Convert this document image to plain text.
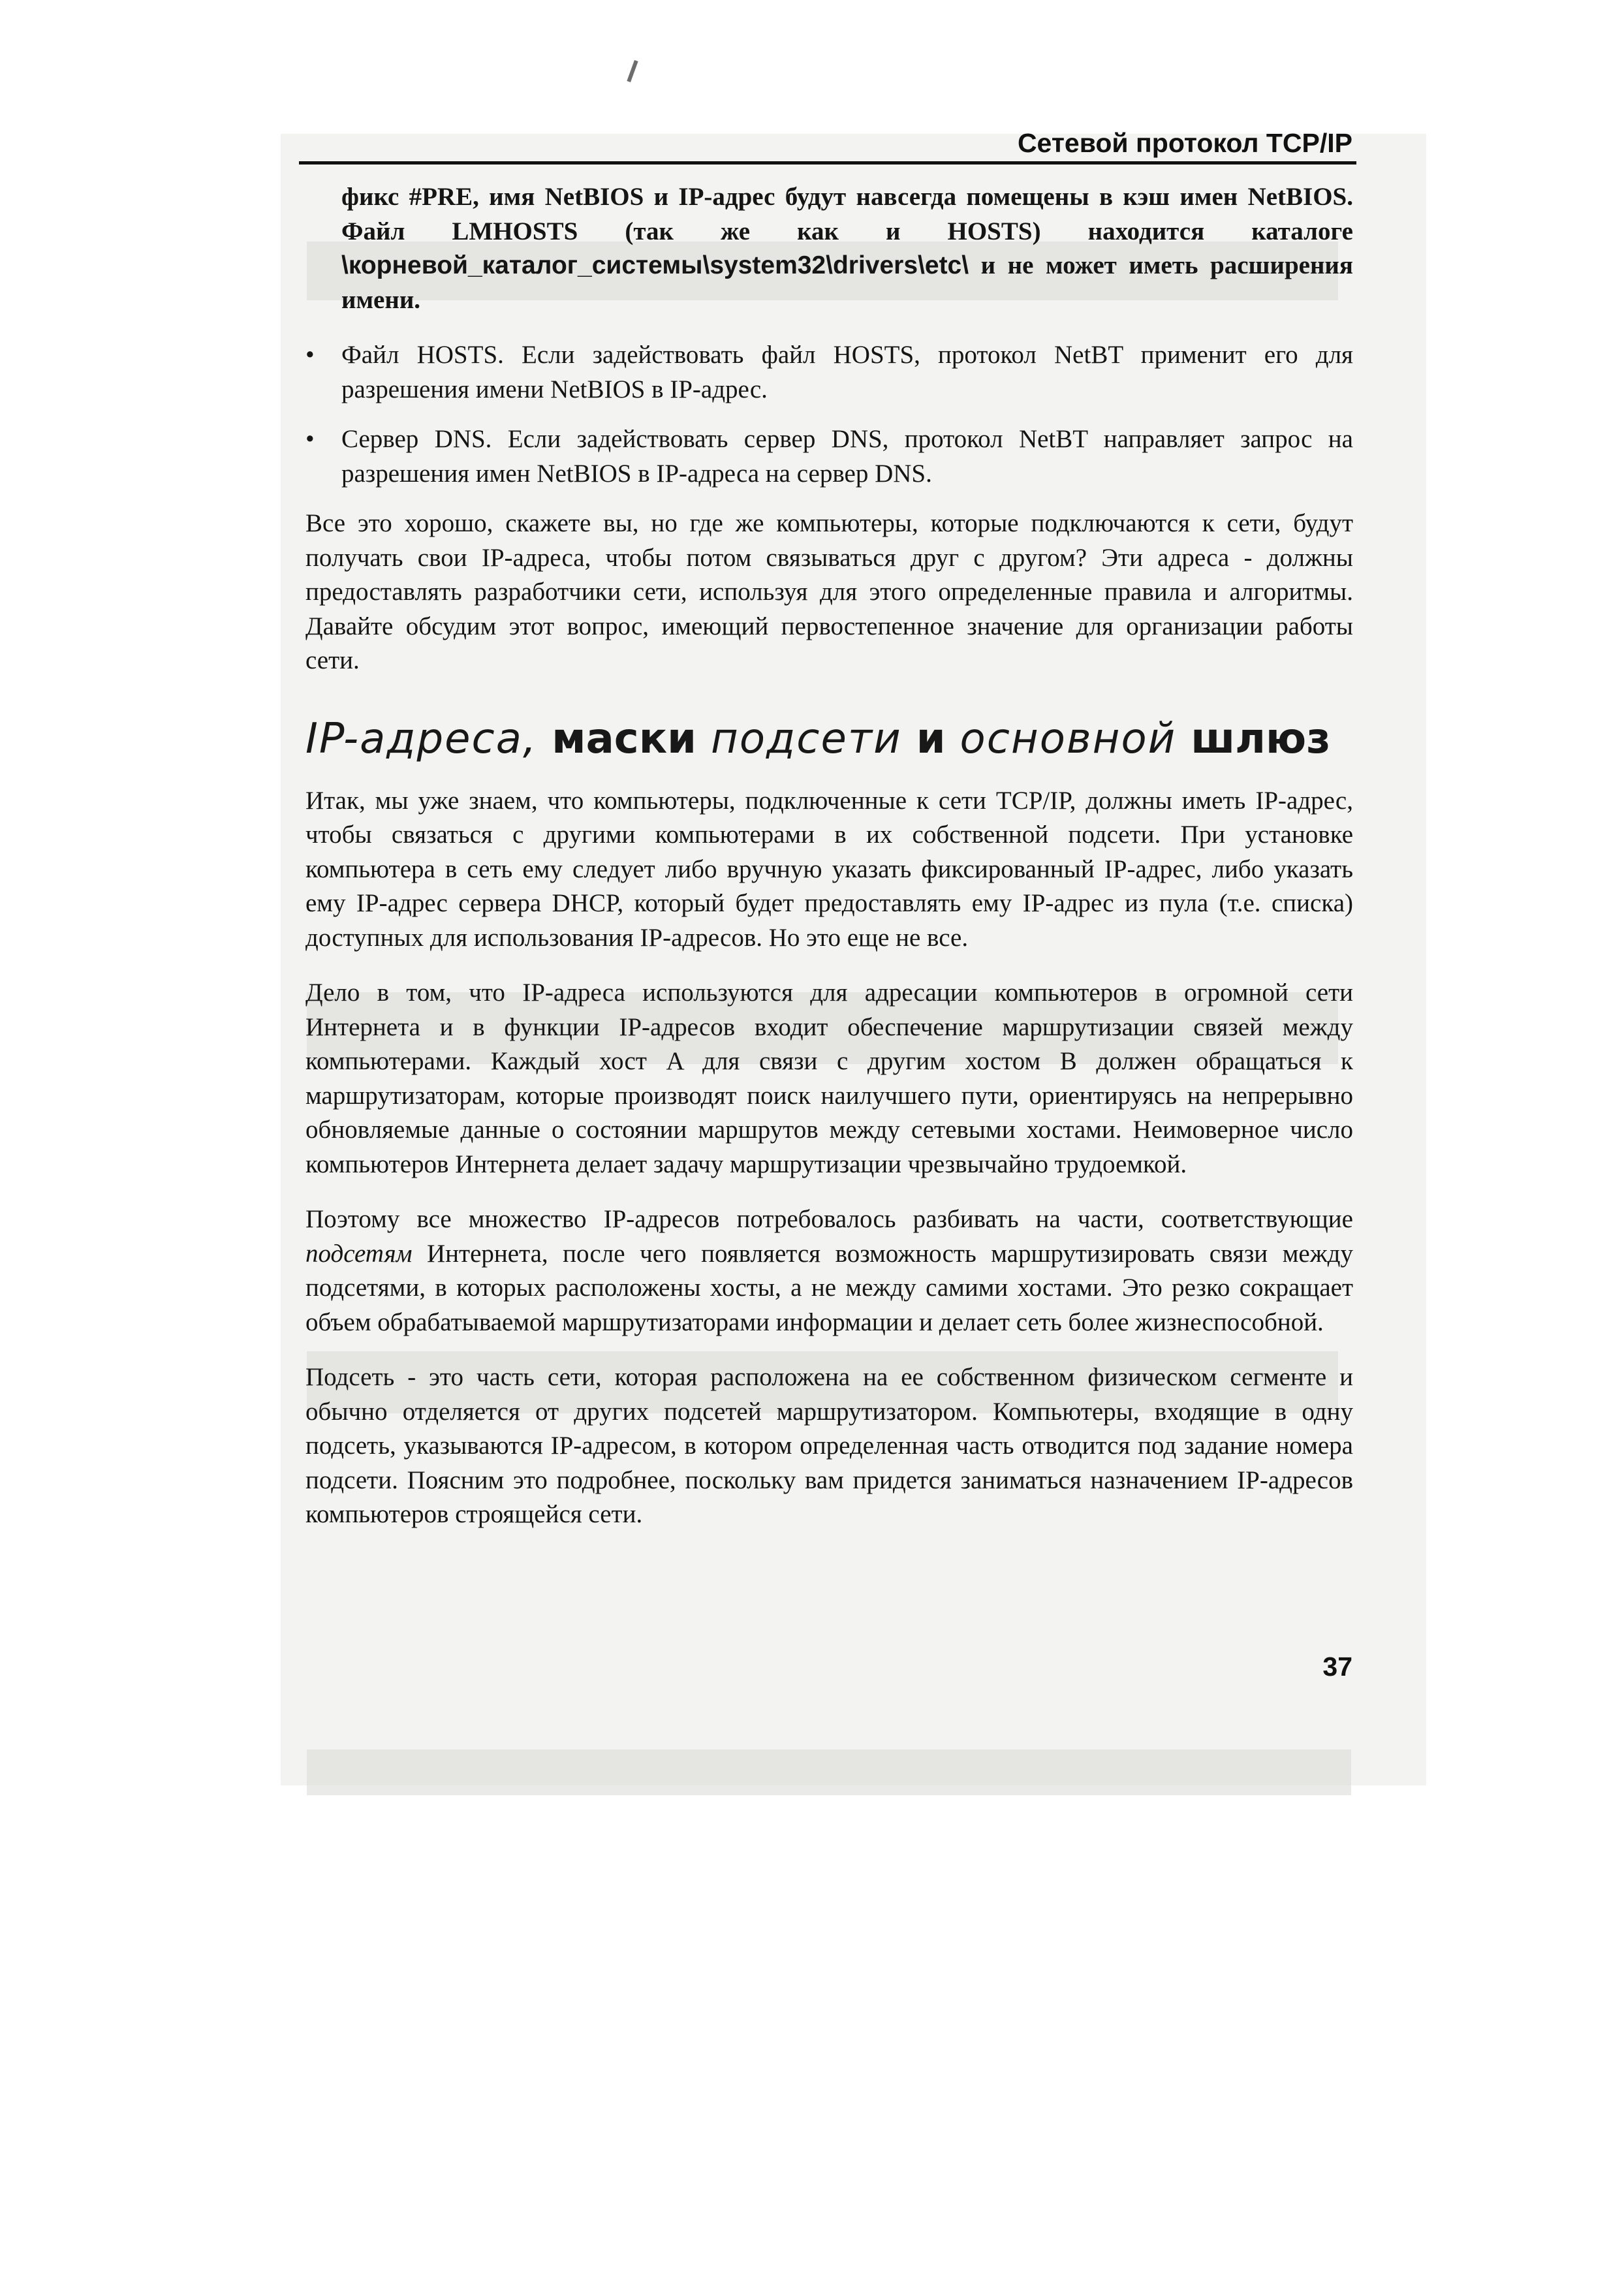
Сетевой протокол TCP/IP

фикс #PRE, имя NetBIOS и IP-адрес будут навсегда помещены в кэш имен NetBIOS. Файл LMHOSTS (так же как и HOSTS) находится каталоге \корневой_каталог_системы\system32\drivers\etc\ и не может иметь расширения имени.

•	Файл HOSTS. Если задействовать файл HOSTS, протокол NetBT применит его для разрешения имени NetBIOS в IP-адрес.

•	Сервер DNS. Если задействовать сервер DNS, протокол NetBT направляет запрос на разрешения имен NetBIOS в IP-адреса на сервер DNS.

Все это хорошо, скажете вы, но где же компьютеры, которые подключаются к сети, будут получать свои IP-адреса, чтобы потом связываться друг с другом? Эти адреса - должны предоставлять разработчики сети, используя для этого определенные правила и алгоритмы. Давайте обсудим этот вопрос, имеющий первостепенное значение для организации работы сети.

IP-адреса, маски подсети и основной шлюз

Итак, мы уже знаем, что компьютеры, подключенные к сети TCP/IP, должны иметь IP-адрес, чтобы связаться с другими компьютерами в их собственной подсети. При установке компьютера в сеть ему следует либо вручную указать фиксированный IP-адрес, либо указать ему IP-адрес сервера DHCP, который будет предоставлять ему IP-адрес из пула (т.е. списка) доступных для использования IP-адресов. Но это еще не все.

Дело в том, что IP-адреса используются для адресации компьютеров в огромной сети Интернета и в функции IP-адресов входит обеспечение маршрутизации связей между компьютерами. Каждый хост A для связи с другим хостом B должен обращаться к маршрутизаторам, которые производят поиск наилучшего пути, ориентируясь на непрерывно обновляемые данные о состоянии маршрутов между сетевыми хостами. Неимоверное число компьютеров Интернета делает задачу маршрутизации чрезвычайно трудоемкой.

Поэтому все множество IP-адресов потребовалось разбивать на части, соответствующие подсетям Интернета, после чего появляется возможность маршрутизировать связи между подсетями, в которых расположены хосты, а не между самими хостами. Это резко сокращает объем обрабатываемой маршрутизаторами информации и делает сеть более жизнеспособной.

Подсеть - это часть сети, которая расположена на ее собственном физическом сегменте и обычно отделяется от других подсетей маршрутизатором. Компьютеры, входящие в одну подсеть, указываются IP-адресом, в котором определенная часть отводится под задание номера подсети. Поясним это подробнее, поскольку вам придется заниматься назначением IP-адресов компьютеров строящейся сети.

37
